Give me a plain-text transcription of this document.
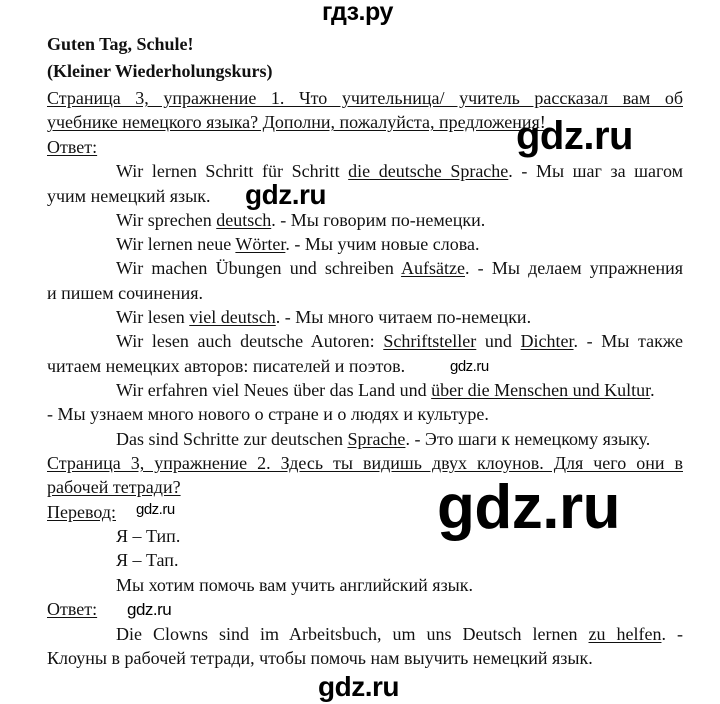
Guten Tag, Schule!
(Kleiner Wiederholungskurs)
Страница 3, упражнение 1. Что учительница/ учитель рассказал вам об
учебнике немецкого языка? Дополни, пожалуйста, предложения!
Ответ:
Wir lernen Schritt für Schritt die deutsche Sprache. - Мы шаг за шагом
учим немецкий язык.
Wir sprechen deutsch. - Мы говорим по-немецки.
Wir lernen neue Wörter. - Мы учим новые слова.
Wir machen Übungen und schreiben Aufsätze. - Мы делаем упражнения
и пишем сочинения.
Wir lesen viel deutsch. - Мы много читаем по-немецки.
Wir lesen auch deutsche Autoren: Schriftsteller und Dichter. - Мы также
читаем немецких авторов: писателей и поэтов.
Wir erfahren viel Neues über das Land und über die Menschen und Kultur.
- Мы узнаем много нового о стране и о людях и культуре.
Das sind Schritte zur deutschen Sprache. - Это шаги к немецкому языку.
Страница 3, упражнение 2. Здесь ты видишь двух клоунов. Для чего они в
рабочей тетради?
Перевод:
Я – Тип.
Я – Тап.
Мы хотим помочь вам учить английский язык.
Ответ:
Die Clowns sind im Arbeitsbuch, um uns Deutsch lernen zu helfen. -
Клоуны в рабочей тетради, чтобы помочь нам выучить немецкий язык.
гдз.ру
gdz.ru
gdz.ru
gdz.ru
gdz.ru
gdz.ru
gdz.ru
gdz.ru
